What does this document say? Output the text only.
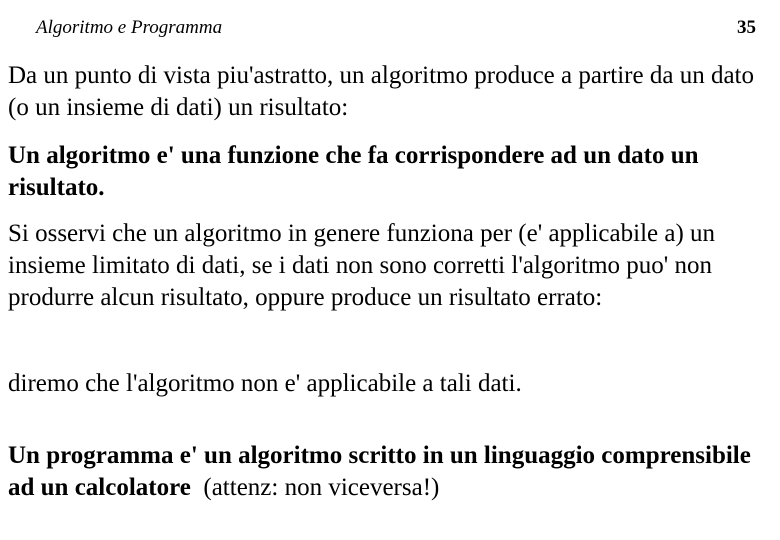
Algoritmo e Programma	35

Da un punto di vista piu'astratto, un algoritmo produce a partire da un dato (o un insieme di dati) un risultato:

Un algoritmo e' una funzione che fa corrispondere ad un dato un risultato.

Si osservi che un algoritmo in genere funziona per (e' applicabile a) un insieme limitato di dati, se i dati non sono corretti l'algoritmo puo' non produrre alcun risultato, oppure produce un risultato errato:

diremo che l'algoritmo non e' applicabile a tali dati.

Un programma e' un algoritmo scritto in un linguaggio comprensibile ad un calcolatore  (attenz: non viceversa!)
